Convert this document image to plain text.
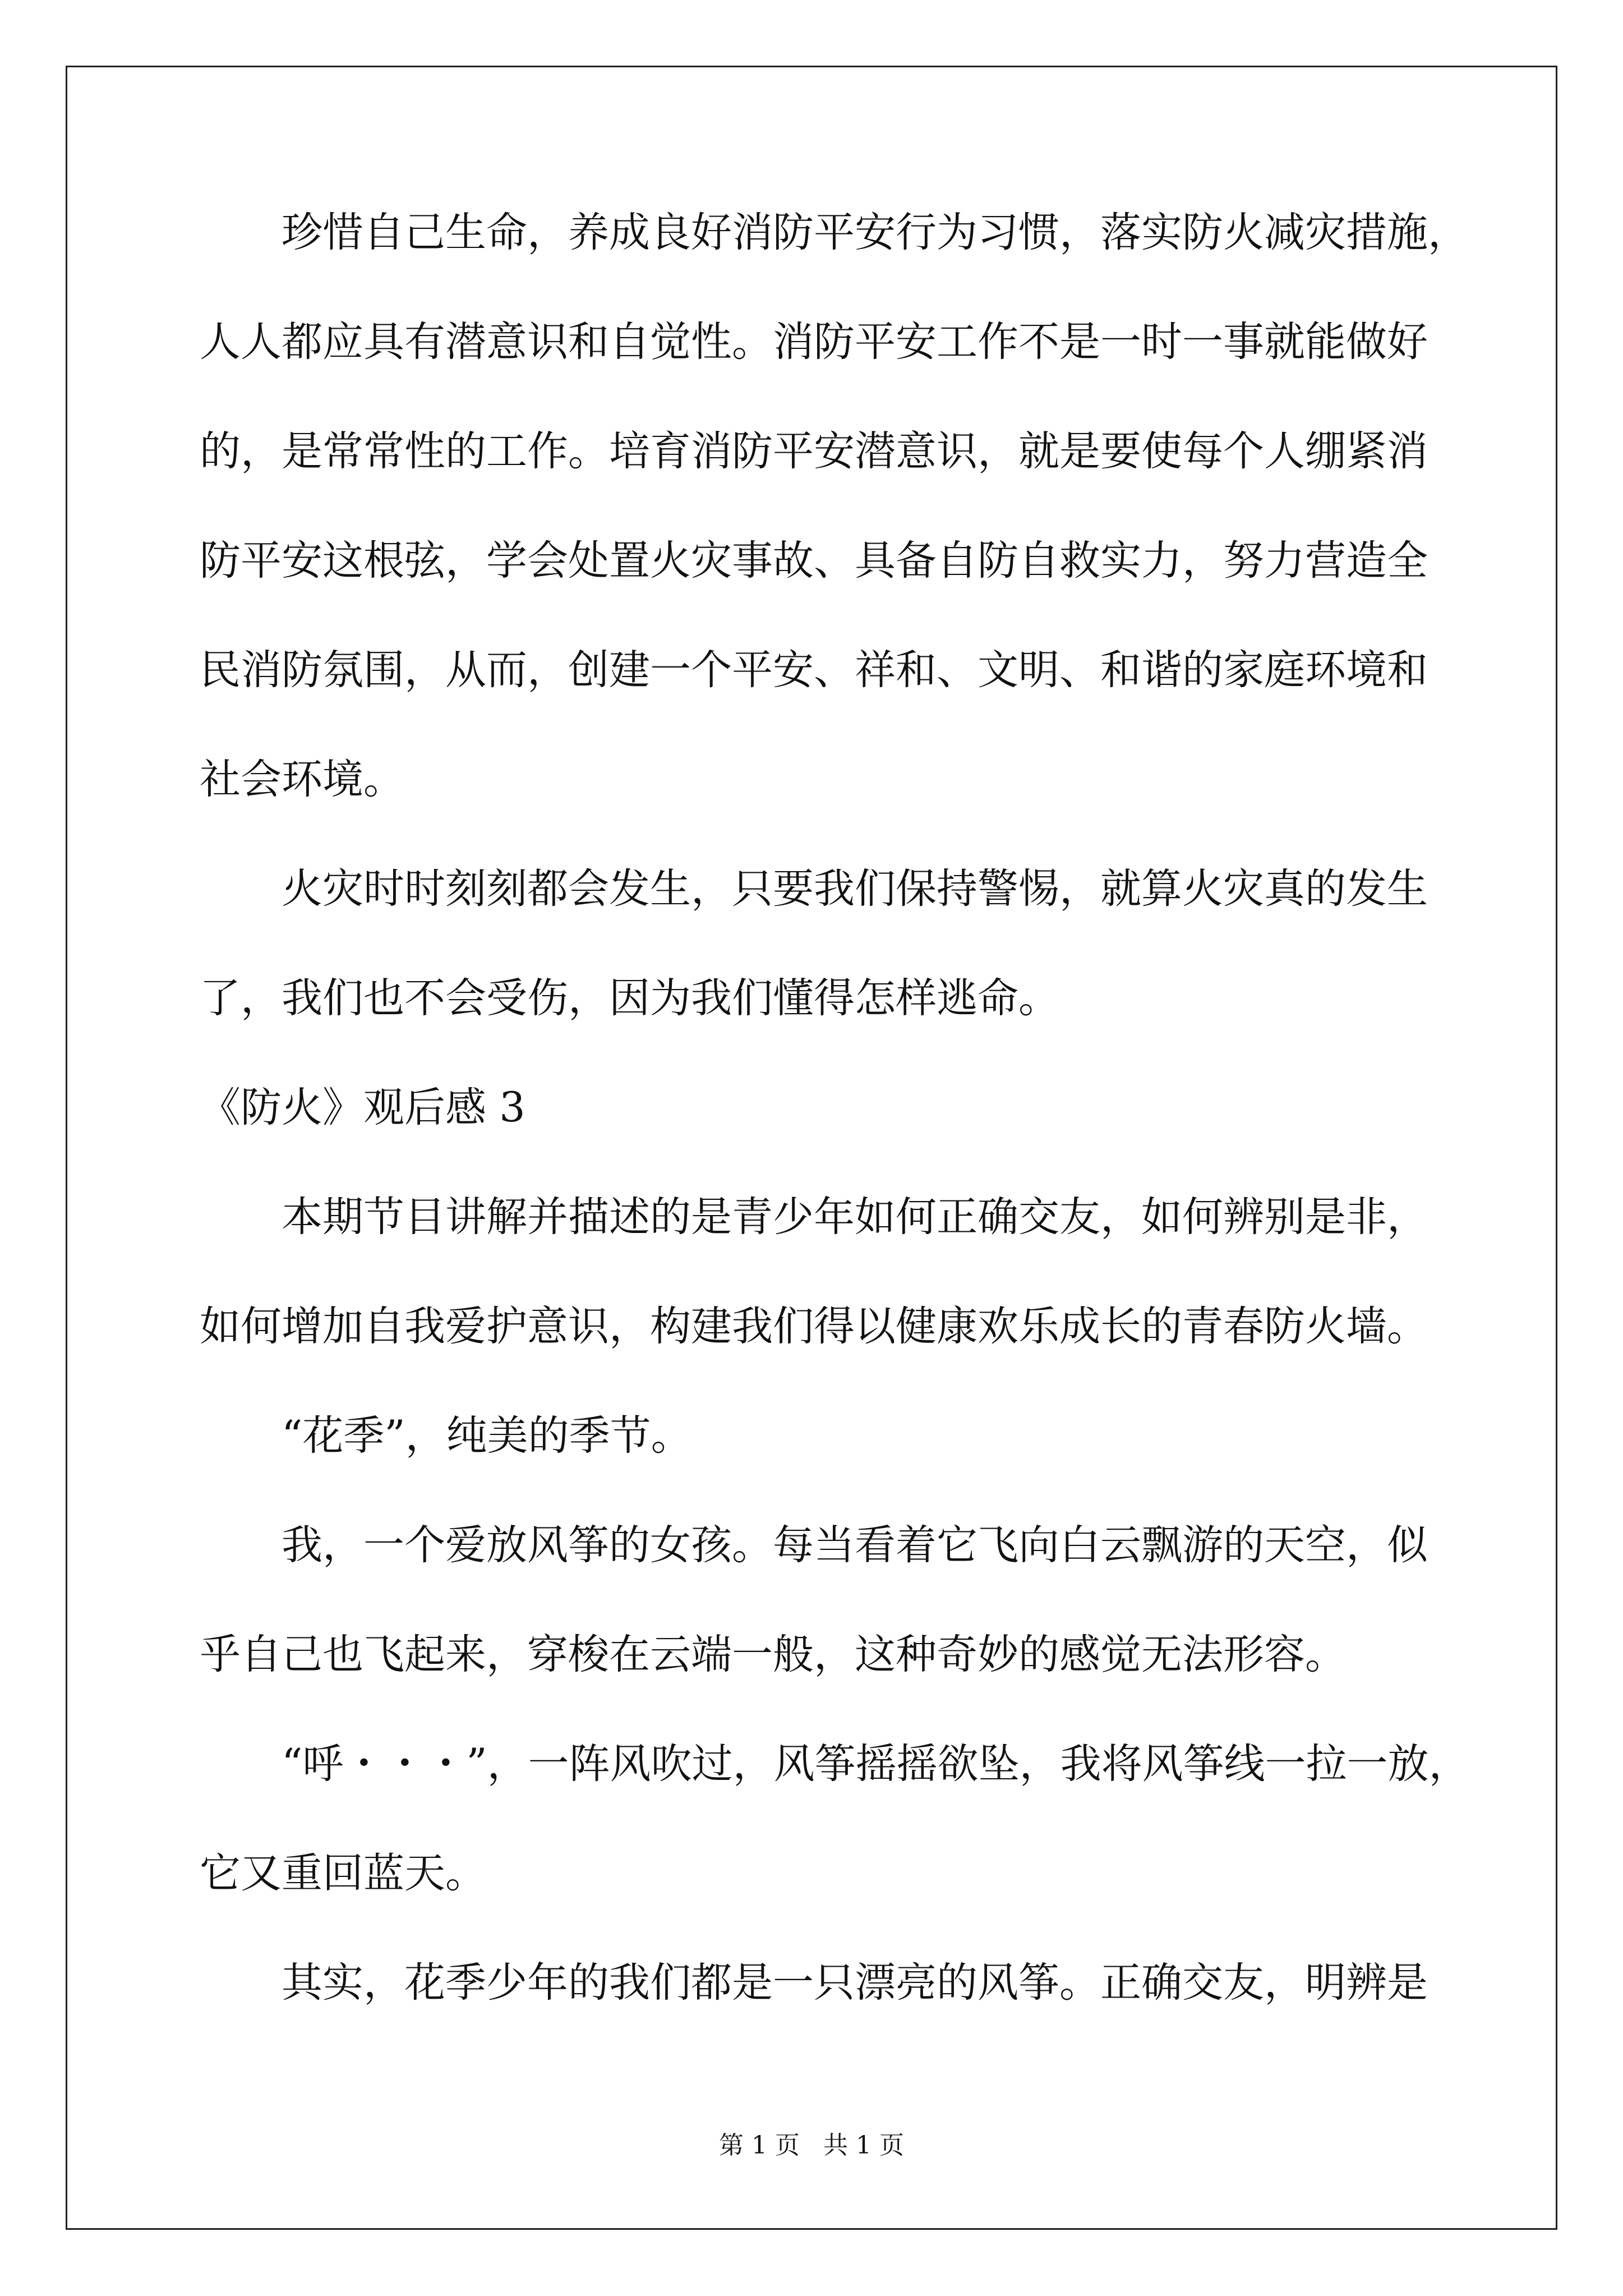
珍惜自己生命，养成良好消防平安行为习惯，落实防火减灾措施，
人人都应具有潜意识和自觉性。消防平安工作不是一时一事就能做好
的，是常常性的工作。培育消防平安潜意识，就是要使每个人绷紧消
防平安这根弦，学会处置火灾事故、具备自防自救实力，努力营造全
民消防氛围，从而，创建一个平安、祥和、文明、和谐的家庭环境和
社会环境。
火灾时时刻刻都会发生，只要我们保持警惕，就算火灾真的发生
了，我们也不会受伤，因为我们懂得怎样逃命。
《防火》观后感 3
本期节目讲解并描述的是青少年如何正确交友，如何辨别是非，
如何增加自我爱护意识，构建我们得以健康欢乐成长的青春防火墙。
“花季”，纯美的季节。
我，一个爱放风筝的女孩。每当看着它飞向白云飘游的天空，似
乎自己也飞起来，穿梭在云端一般，这种奇妙的感觉无法形容。
“呼・・・”，一阵风吹过，风筝摇摇欲坠，我将风筝线一拉一放，
它又重回蓝天。
其实，花季少年的我们都是一只漂亮的风筝。正确交友，明辨是
第 1 页   共 1 页
